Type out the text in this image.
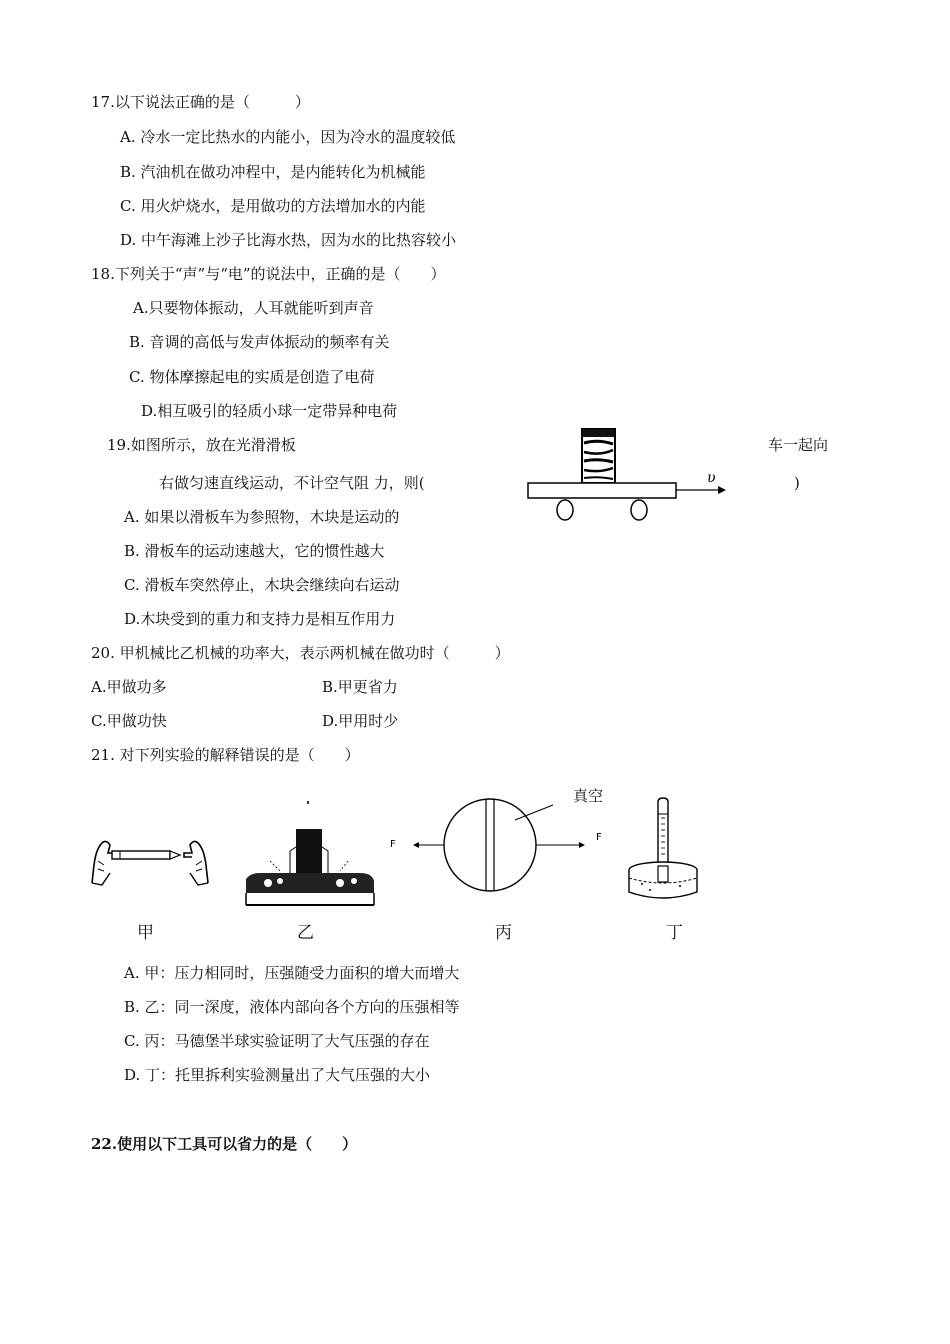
17.以下说法正确的是（　　　）
A. 冷水一定比热水的内能小，因为冷水的温度较低
B. 汽油机在做功冲程中，是内能转化为机械能
C. 用火炉烧水，是用做功的方法增加水的内能
D. 中午海滩上沙子比海水热，因为水的比热容较小
18.下列关于“声”与“电”的说法中，正确的是（　　）
A.只要物体振动，人耳就能听到声音
B. 音调的高低与发声体振动的频率有关
C. 物体摩擦起电的实质是创造了电荷
D.相互吸引的轻质小球一定带异种电荷
19.如图所示，放在光滑滑板	车一起向
右做匀速直线运动，不计空气阻 力，则(	)
υ
A. 如果以滑板车为参照物，木块是运动的
B. 滑板车的运动速越大，它的惯性越大
C. 滑板车突然停止，木块会继续向右运动
D.木块受到的重力和支持力是相互作用力
20. 甲机械比乙机械的功率大，表示两机械在做功时（　　　）
A.甲做功多	B.甲更省力
C.甲做功快	D.甲用时少
21. 对下列实验的解释错误的是（　　）
F
F
真空
甲	乙	丙	丁
A. 甲：压力相同时，压强随受力面积的增大而增大
B. 乙：同一深度，液体内部向各个方向的压强相等
C. 丙：马德堡半球实验证明了大气压强的存在
D. 丁：托里拆利实验测量出了大气压强的大小
22.使用以下工具可以省力的是（　　）
